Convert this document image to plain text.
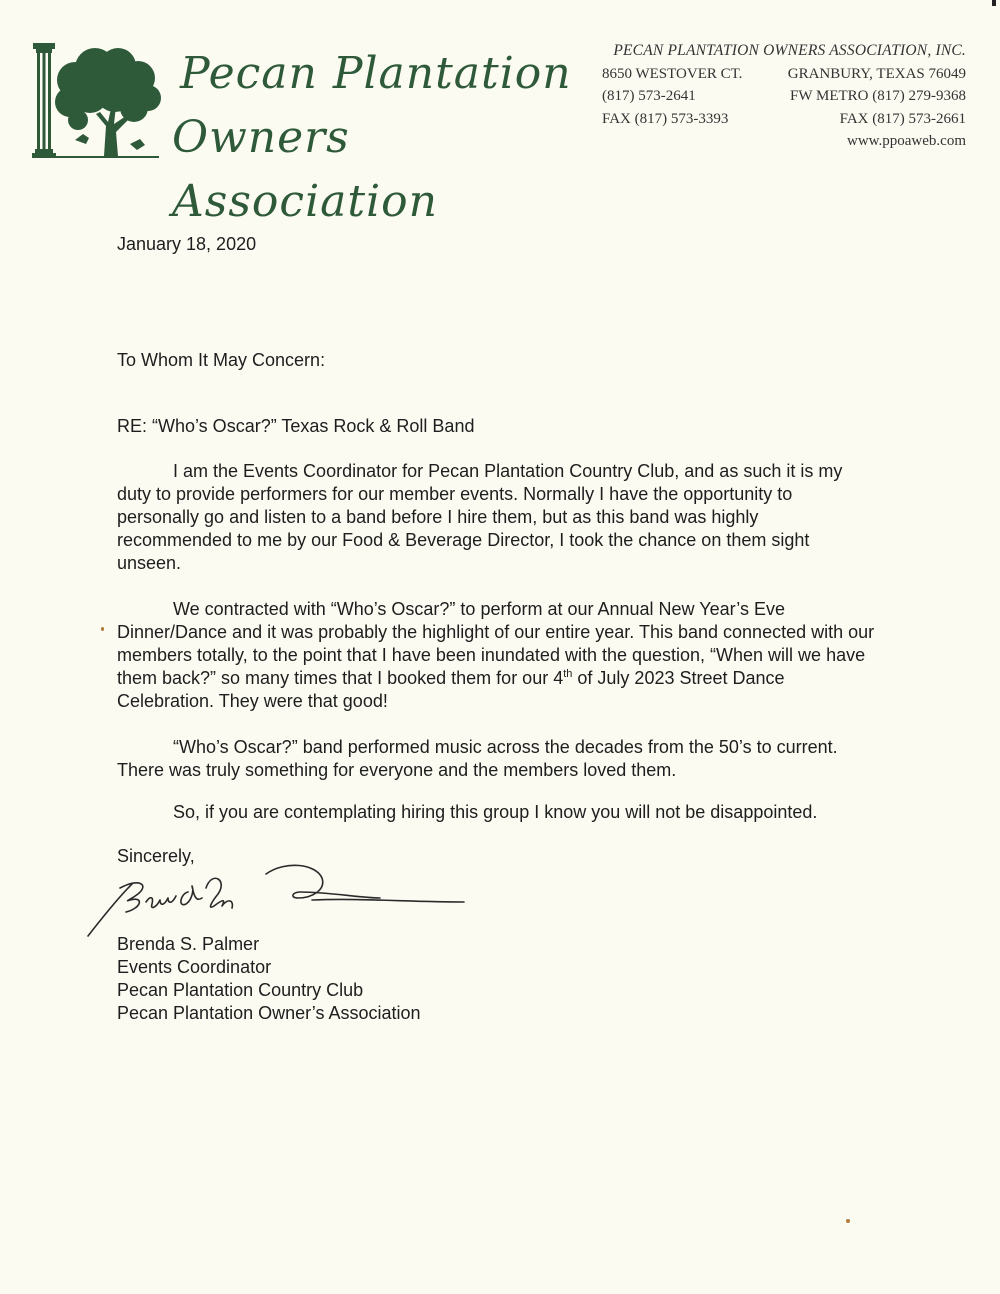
Pecan Plantation
Owners Association
PECAN PLANTATION OWNERS ASSOCIATION, INC.
8650 WESTOVER CT.	GRANBURY, TEXAS 76049
(817) 573-2641	FW METRO (817) 279-9368
FAX (817) 573-3393	FAX (817) 573-2661
www.ppoaweb.com
January 18, 2020
To Whom It May Concern:
RE: “Who’s Oscar?” Texas Rock & Roll Band
I am the Events Coordinator for Pecan Plantation Country Club, and as such it is my duty to provide performers for our member events. Normally I have the opportunity to personally go and listen to a band before I hire them, but as this band was highly recommended to me by our Food & Beverage Director, I took the chance on them sight unseen.
We contracted with “Who’s Oscar?” to perform at our Annual New Year’s Eve Dinner/Dance and it was probably the highlight of our entire year. This band connected with our members totally, to the point that I have been inundated with the question, “When will we have them back?” so many times that I booked them for our 4th of July 2023 Street Dance Celebration. They were that good!
“Who’s Oscar?” band performed music across the decades from the 50’s to current. There was truly something for everyone and the members loved them.
So, if you are contemplating hiring this group I know you will not be disappointed.
Sincerely,
Brenda S. Palmer
Events Coordinator
Pecan Plantation Country Club
Pecan Plantation Owner’s Association
